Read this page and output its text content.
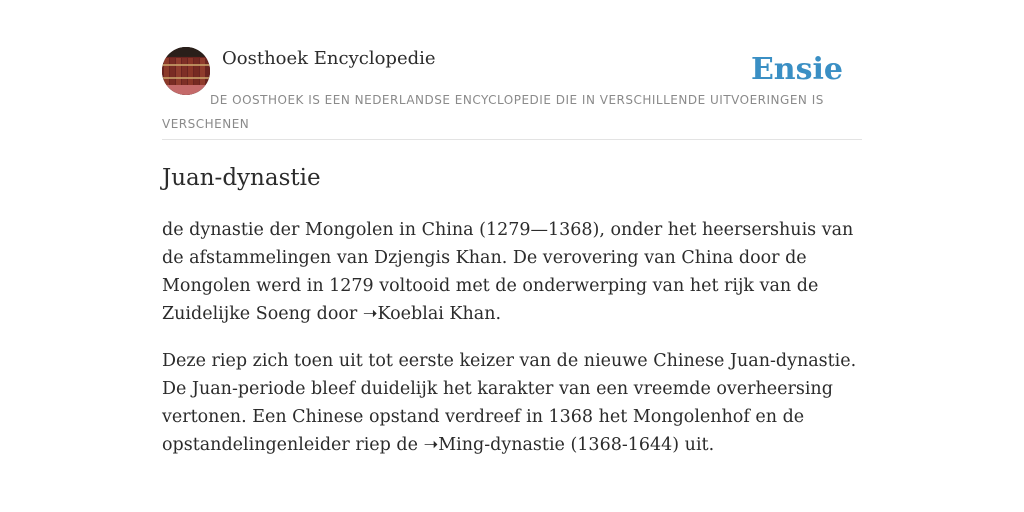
Oosthoek Encyclopedie	Ensie
DE OOSTHOEK IS EEN NEDERLANDSE ENCYCLOPEDIE DIE IN VERSCHILLENDE UITVOERINGEN IS VERSCHENEN
Juan-dynastie

de dynastie der Mongolen in China (1279—1368), onder het heersershuis van de afstammelingen van Dzjengis Khan. De verovering van China door de Mongolen werd in 1279 voltooid met de onderwerping van het rijk van de Zuidelijke Soeng door ➝Koeblai Khan.

Deze riep zich toen uit tot eerste keizer van de nieuwe Chinese Juan-dynastie. De Juan-periode bleef duidelijk het karakter van een vreemde overheersing vertonen. Een Chinese opstand verdreef in 1368 het Mongolenhof en de opstandelingenleider riep de ➝Ming-dynastie (1368-1644) uit.
